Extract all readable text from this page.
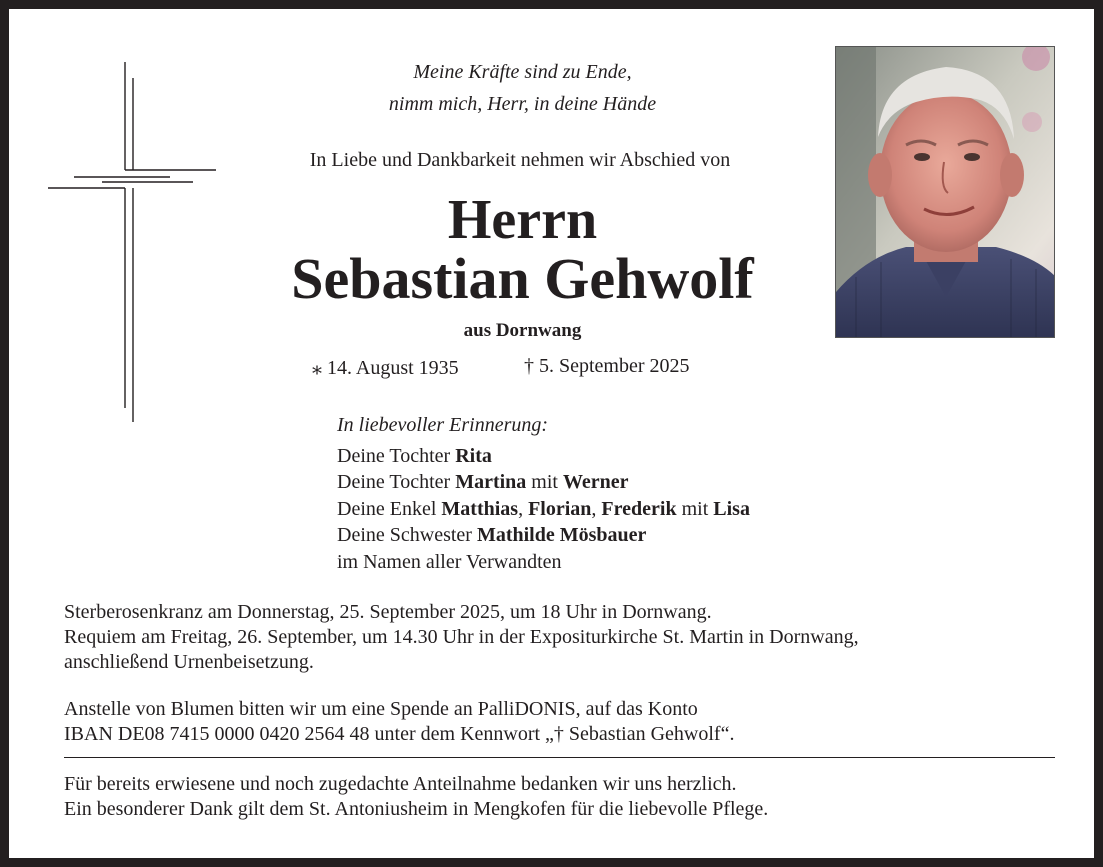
Meine Kräfte sind zu Ende,
nimm mich, Herr, in deine Hände
In Liebe und Dankbarkeit nehmen wir Abschied von
Herrn
Sebastian Gehwolf
aus Dornwang
⁎ 14. August 1935	† 5. September 2025
In liebevoller Erinnerung:
Deine Tochter Rita
Deine Tochter Martina mit Werner
Deine Enkel Matthias, Florian, Frederik mit Lisa
Deine Schwester Mathilde Mösbauer
im Namen aller Verwandten
Sterberosenkranz am Donnerstag, 25. September 2025, um 18 Uhr in Dornwang.
Requiem am Freitag, 26. September, um 14.30 Uhr in der Expositurkirche St. Martin in Dornwang,
anschließend Urnenbeisetzung.
Anstelle von Blumen bitten wir um eine Spende an PalliDONIS, auf das Konto
IBAN DE08 7415 0000 0420 2564 48 unter dem Kennwort „† Sebastian Gehwolf“.
Für bereits erwiesene und noch zugedachte Anteilnahme bedanken wir uns herzlich.
Ein besonderer Dank gilt dem St. Antoniusheim in Mengkofen für die liebevolle Pflege.
